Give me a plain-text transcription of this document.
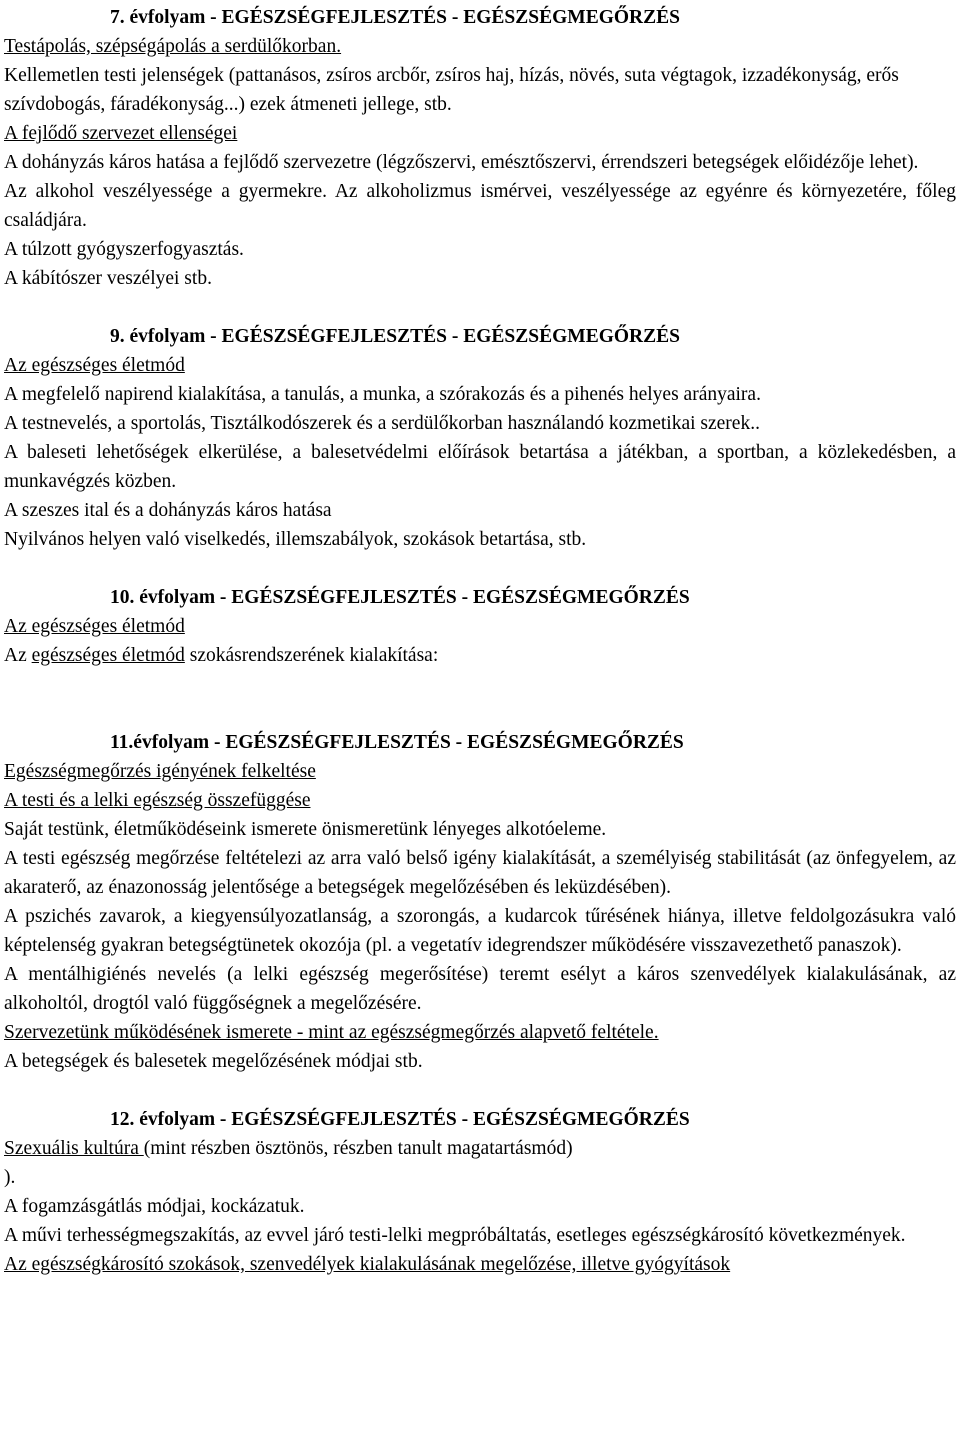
7. évfolyam - EGÉSZSÉGFEJLESZTÉS - EGÉSZSÉGMEGŐRZÉS
Testápolás, szépségápolás a serdülőkorban.
Kellemetlen testi jelenségek (pattanásos, zsíros arcbőr, zsíros haj, hízás, növés, suta végtagok, izzadékonyság, erős szívdobogás, fáradékonyság...) ezek átmeneti jellege, stb.
A fejlődő szervezet ellenségei
A dohányzás káros hatása a fejlődő szervezetre (légzőszervi, emésztőszervi, érrendszeri betegségek előidézője lehet).
Az alkohol veszélyessége a gyermekre. Az alkoholizmus ismérvei, veszélyessége az egyénre és környezetére, főleg családjára.
A túlzott gyógyszerfogyasztás.
A kábítószer veszélyei stb.
9. évfolyam - EGÉSZSÉGFEJLESZTÉS - EGÉSZSÉGMEGŐRZÉS
Az egészséges életmód
A megfelelő napirend kialakítása, a tanulás, a munka, a szórakozás és a pihenés helyes arányaira.
A testnevelés, a sportolás, Tisztálkodószerek és a serdülőkorban használandó kozmetikai szerek..
A baleseti lehetőségek elkerülése, a balesetvédelmi előírások betartása a játékban, a sportban, a közlekedésben, a munkavégzés közben.
A szeszes ital és a dohányzás káros hatása
Nyilvános helyen való viselkedés, illemszabályok, szokások betartása, stb.
10. évfolyam - EGÉSZSÉGFEJLESZTÉS - EGÉSZSÉGMEGŐRZÉS
Az egészséges életmód
Az egészséges életmód szokásrendszerének kialakítása:
11.évfolyam - EGÉSZSÉGFEJLESZTÉS - EGÉSZSÉGMEGŐRZÉS
Egészségmegőrzés igényének felkeltése
A testi és a lelki egészség összefüggése
Saját testünk, életműködéseink ismerete önismeretünk lényeges alkotóeleme.
A testi egészség megőrzése feltételezi az arra való belső igény kialakítását, a személyiség stabilitását (az önfegyelem, az akaraterő, az énazonosság jelentősége a betegségek megelőzésében és leküzdésében).
A pszichés zavarok, a kiegyensúlyozatlanság, a szorongás, a kudarcok tűrésének hiánya, illetve feldolgozásukra való képtelenség gyakran betegségtünetek okozója (pl. a vegetatív idegrendszer működésére visszavezethető panaszok).
A mentálhigiénés nevelés (a lelki egészség megerősítése) teremt esélyt a káros szenvedélyek kialakulásának, az alkoholtól, drogtól való függőségnek a megelőzésére.
Szervezetünk működésének ismerete - mint az egészségmegőrzés alapvető feltétele.
A betegségek és balesetek megelőzésének módjai stb.
12. évfolyam - EGÉSZSÉGFEJLESZTÉS - EGÉSZSÉGMEGŐRZÉS
Szexuális kultúra (mint részben ösztönös, részben tanult magatartásmód)
).
A fogamzásgátlás módjai, kockázatuk.
A művi terhességmegszakítás, az evvel járó testi-lelki megpróbáltatás, esetleges egészségkárosító következmények.
Az egészségkárosító szokások, szenvedélyek kialakulásának megelőzése, illetve gyógyítások
